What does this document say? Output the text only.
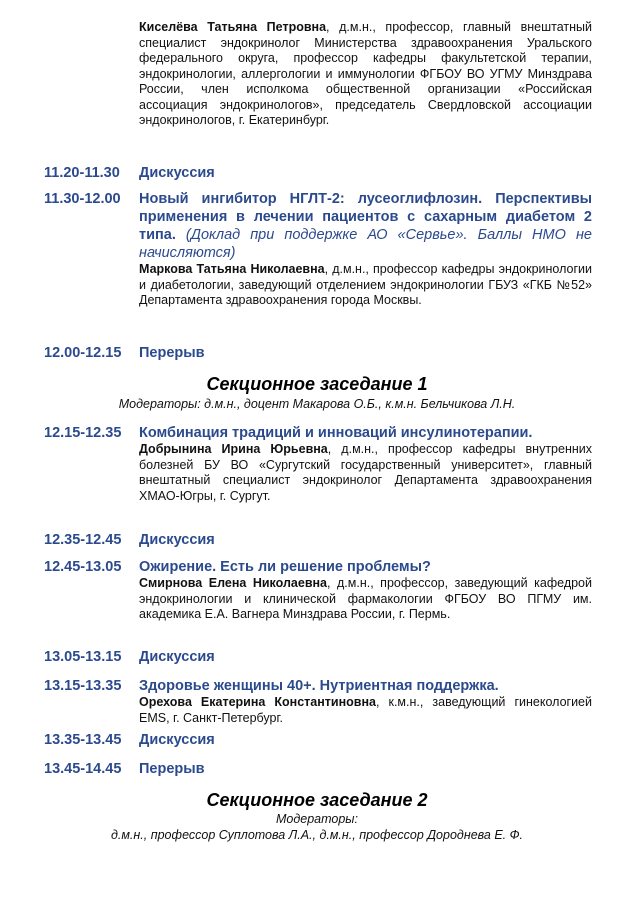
Киселёва Татьяна Петровна, д.м.н., профессор, главный внештатный специалист эндокринолог Министерства здравоохранения Уральского федерального округа, профессор кафедры факультетской терапии, эндокринологии, аллергологии и иммунологии ФГБОУ ВО УГМУ Минздрава России, член исполкома общественной организации «Российская ассоциация эндокринологов», председатель Свердловской ассоциации эндокринологов, г. Екатеринбург.

11.20-11.30	Дискуссия

11.30-12.00	Новый ингибитор НГЛТ-2: лусеоглифлозин. Перспективы применения в лечении пациентов с сахарным диабетом 2 типа. (Доклад при поддержке АО «Сервье». Баллы НМО не начисляются)

Маркова Татьяна Николаевна, д.м.н., профессор кафедры эндокринологии и диабетологии, заведующий отделением эндокринологии ГБУЗ «ГКБ №52» Департамента здравоохранения города Москвы.

12.00-12.15	Перерыв

Секционное заседание 1
Модераторы: д.м.н., доцент Макарова О.Б., к.м.н. Бельчикова Л.Н.
12.15-12.35	Комбинация традиций и инноваций инсулинотерапии.

Добрынина Ирина Юрьевна, д.м.н., профессор кафедры внутренних болезней БУ ВО «Сургутский государственный университет», главный внештатный специалист эндокринолог Департамента здравоохранения ХМАО-Югры, г. Сургут.

12.35-12.45	Дискуссия

12.45-13.05	Ожирение. Есть ли решение проблемы?

Смирнова Елена Николаевна, д.м.н., профессор, заведующий кафедрой эндокринологии и клинической фармакологии ФГБОУ ВО ПГМУ им. академика Е.А. Вагнера Минздрава России, г. Пермь.

13.05-13.15	Дискуссия

13.15-13.35	Здоровье женщины 40+. Нутриентная поддержка.

Орехова Екатерина Константиновна, к.м.н., заведующий гинекологией EMS, г. Санкт-Петербург.

13.35-13.45	Дискуссия

13.45-14.45	Перерыв

Секционное заседание 2
Модераторы:
д.м.н., профессор Суплотова Л.А., д.м.н., профессор Дороднева Е. Ф.
